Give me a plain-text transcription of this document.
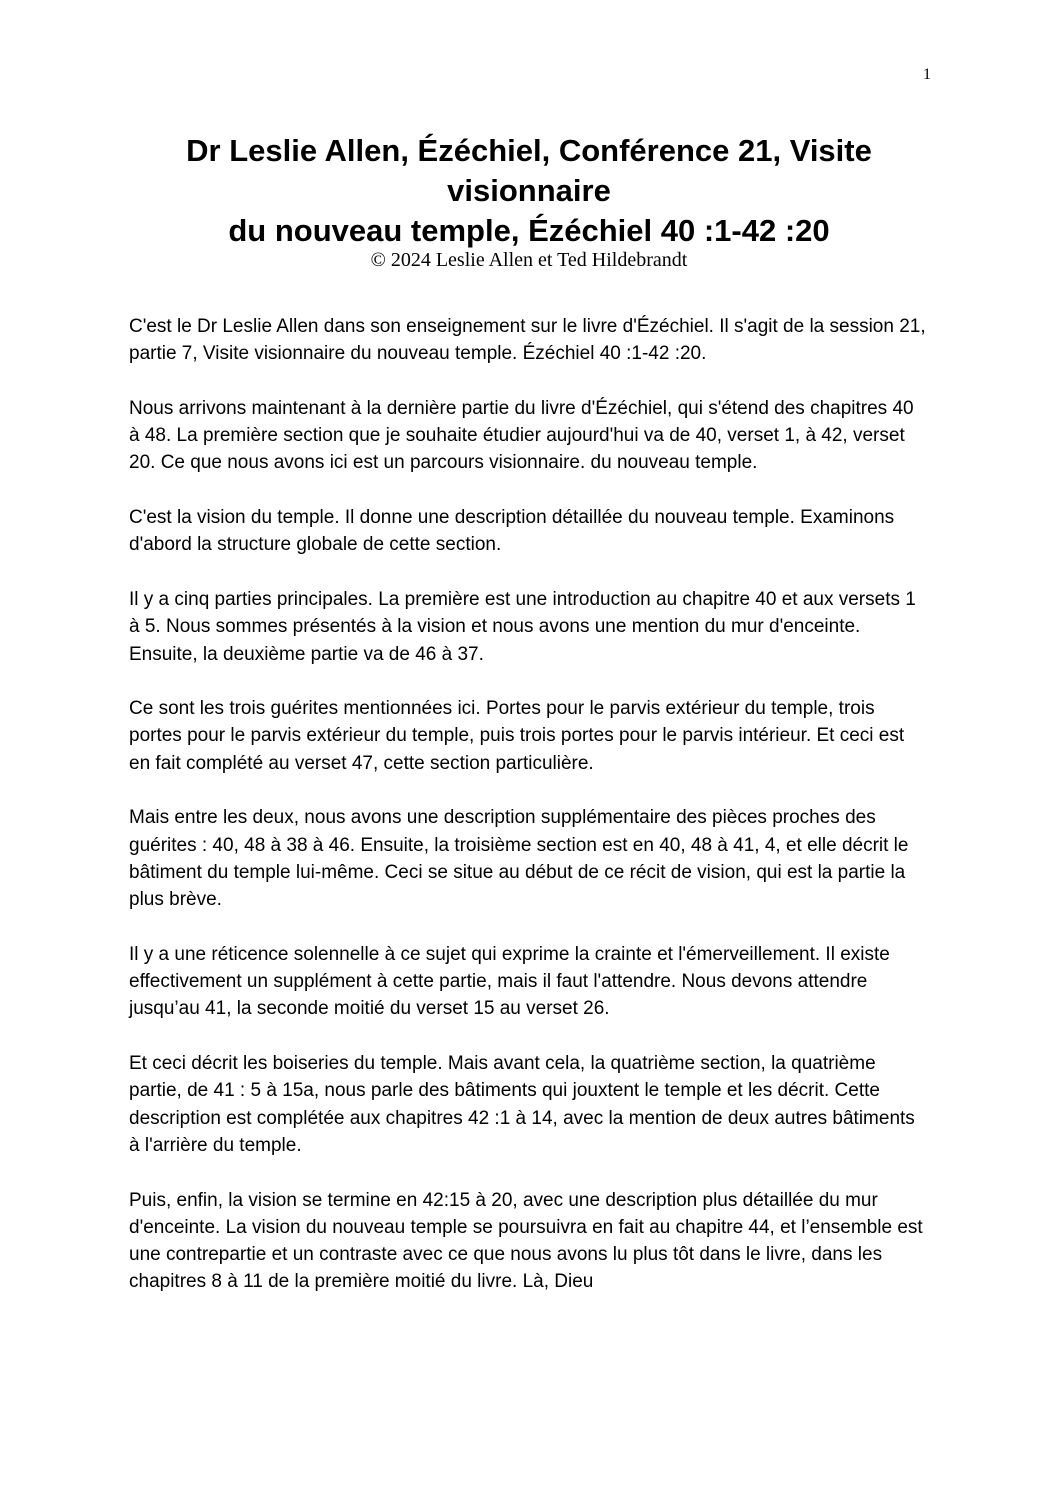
1
Dr Leslie Allen, Ézéchiel, Conférence 21, Visite
visionnaire
du nouveau temple, Ézéchiel 40 :1-42 :20
© 2024 Leslie Allen et Ted Hildebrandt

C'est le Dr Leslie Allen dans son enseignement sur le livre d'Ézéchiel. Il s'agit de la session 21, partie 7, Visite visionnaire du nouveau temple. Ézéchiel 40 :1-42 :20.

Nous arrivons maintenant à la dernière partie du livre d'Ézéchiel, qui s'étend des chapitres 40 à 48. La première section que je souhaite étudier aujourd'hui va de 40, verset 1, à 42, verset 20. Ce que nous avons ici est un parcours visionnaire. du nouveau temple.

C'est la vision du temple. Il donne une description détaillée du nouveau temple. Examinons d'abord la structure globale de cette section.

Il y a cinq parties principales. La première est une introduction au chapitre 40 et aux versets 1 à 5. Nous sommes présentés à la vision et nous avons une mention du mur d'enceinte. Ensuite, la deuxième partie va de 46 à 37.

Ce sont les trois guérites mentionnées ici. Portes pour le parvis extérieur du temple, trois portes pour le parvis extérieur du temple, puis trois portes pour le parvis intérieur. Et ceci est en fait complété au verset 47, cette section particulière.

Mais entre les deux, nous avons une description supplémentaire des pièces proches des guérites : 40, 48 à 38 à 46. Ensuite, la troisième section est en 40, 48 à 41, 4, et elle décrit le bâtiment du temple lui-même. Ceci se situe au début de ce récit de vision, qui est la partie la plus brève.

Il y a une réticence solennelle à ce sujet qui exprime la crainte et l'émerveillement. Il existe effectivement un supplément à cette partie, mais il faut l'attendre. Nous devons attendre jusqu’au 41, la seconde moitié du verset 15 au verset 26.

Et ceci décrit les boiseries du temple. Mais avant cela, la quatrième section, la quatrième partie, de 41 : 5 à 15a, nous parle des bâtiments qui jouxtent le temple et les décrit. Cette description est complétée aux chapitres 42 :1 à 14, avec la mention de deux autres bâtiments à l'arrière du temple.

Puis, enfin, la vision se termine en 42:15 à 20, avec une description plus détaillée du mur d'enceinte. La vision du nouveau temple se poursuivra en fait au chapitre 44, et l’ensemble est une contrepartie et un contraste avec ce que nous avons lu plus tôt dans le livre, dans les chapitres 8 à 11 de la première moitié du livre. Là, Dieu
